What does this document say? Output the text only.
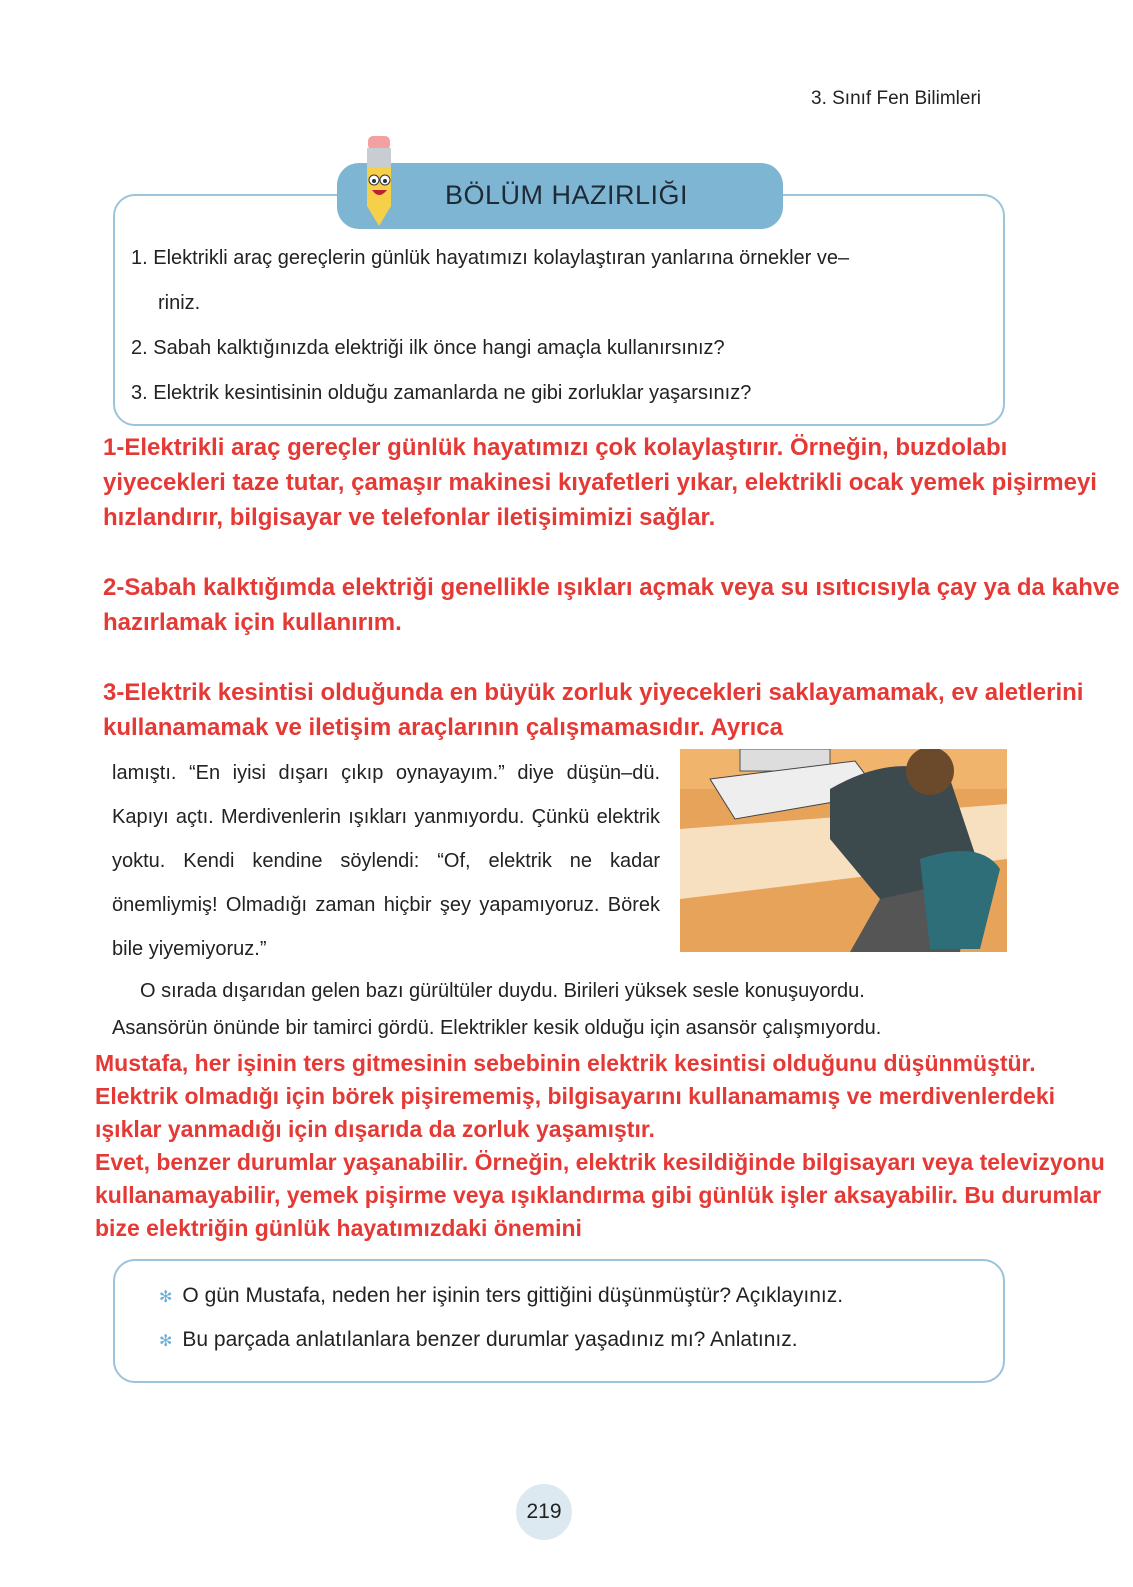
3. Sınıf Fen Bilimleri
BÖLÜM HAZIRLIĞI
1. Elektrikli araç gereçlerin günlük hayatımızı kolaylaştıran yanlarına örnekler ve–
riniz.
2. Sabah kalktığınızda elektriği ilk önce hangi amaçla kullanırsınız?
3. Elektrik kesintisinin olduğu zamanlarda ne gibi zorluklar yaşarsınız?
1-Elektrikli araç gereçler günlük hayatımızı çok kolaylaştırır. Örneğin, buzdolabı yiyecekleri taze tutar, çamaşır makinesi kıyafetleri yıkar, elektrikli ocak yemek pişirmeyi hızlandırır, bilgisayar ve telefonlar iletişimimizi sağlar.
2-Sabah kalktığımda elektriği genellikle ışıkları açmak veya su ısıtıcısıyla çay ya da kahve hazırlamak için kullanırım.
3-Elektrik kesintisi olduğunda en büyük zorluk yiyecekleri saklayamamak, ev aletlerini kullanamamak ve iletişim araçlarının çalışmamasıdır. Ayrıca
lamıştı. “En iyisi dışarı çıkıp oynayayım.” diye düşün–dü. Kapıyı açtı. Merdivenlerin ışıkları yanmıyordu. Çünkü elektrik yoktu. Kendi kendine söylendi: “Of, elektrik ne kadar önemliymiş! Olmadığı zaman hiçbir şey yapamıyoruz. Börek bile yiyemiyoruz.”
O sırada dışarıdan gelen bazı gürültüler duydu. Birileri yüksek sesle konuşuyordu.
Asansörün önünde bir tamirci gördü. Elektrikler kesik olduğu için asansör çalışmıyordu.
Mustafa, her işinin ters gitmesinin sebebinin elektrik kesintisi olduğunu düşünmüştür. Elektrik olmadığı için börek pişirememiş, bilgisayarını kullanamamış ve merdivenlerdeki ışıklar yanmadığı için dışarıda da zorluk yaşamıştır.
Evet, benzer durumlar yaşanabilir. Örneğin, elektrik kesildiğinde bilgisayarı veya televizyonu kullanamayabilir, yemek pişirme veya ışıklandırma gibi günlük işler aksayabilir. Bu durumlar bize elektriğin günlük hayatımızdaki önemini
✻ O gün Mustafa, neden her işinin ters gittiğini düşünmüştür? Açıklayınız.
✻ Bu parçada anlatılanlara benzer durumlar yaşadınız mı? Anlatınız.
219
